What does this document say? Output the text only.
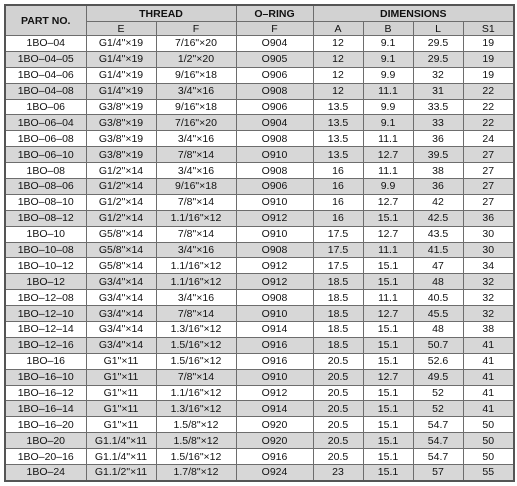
PART NO.	THREAD		O–RING	DIMENSIONS			
	E	F	F	A	B	L	S1
1BO–04	G1/4"×19	7/16"×20	O904	12	9.1	29.5	19
1BO–04–05	G1/4"×19	1/2"×20	O905	12	9.1	29.5	19
1BO–04–06	G1/4"×19	9/16"×18	O906	12	9.9	32	19
1BO–04–08	G1/4"×19	3/4"×16	O908	12	11.1	31	22
1BO–06	G3/8"×19	9/16"×18	O906	13.5	9.9	33.5	22
1BO–06–04	G3/8"×19	7/16"×20	O904	13.5	9.1	33	22
1BO–06–08	G3/8"×19	3/4"×16	O908	13.5	11.1	36	24
1BO–06–10	G3/8"×19	7/8"×14	O910	13.5	12.7	39.5	27
1BO–08	G1/2"×14	3/4"×16	O908	16	11.1	38	27
1BO–08–06	G1/2"×14	9/16"×18	O906	16	9.9	36	27
1BO–08–10	G1/2"×14	7/8"×14	O910	16	12.7	42	27
1BO–08–12	G1/2"×14	1.1/16"×12	O912	16	15.1	42.5	36
1BO–10	G5/8"×14	7/8"×14	O910	17.5	12.7	43.5	30
1BO–10–08	G5/8"×14	3/4"×16	O908	17.5	11.1	41.5	30
1BO–10–12	G5/8"×14	1.1/16"×12	O912	17.5	15.1	47	34
1BO–12	G3/4"×14	1.1/16"×12	O912	18.5	15.1	48	32
1BO–12–08	G3/4"×14	3/4"×16	O908	18.5	11.1	40.5	32
1BO–12–10	G3/4"×14	7/8"×14	O910	18.5	12.7	45.5	32
1BO–12–14	G3/4"×14	1.3/16"×12	O914	18.5	15.1	48	38
1BO–12–16	G3/4"×14	1.5/16"×12	O916	18.5	15.1	50.7	41
1BO–16	G1"×11	1.5/16"×12	O916	20.5	15.1	52.6	41
1BO–16–10	G1"×11	7/8"×14	O910	20.5	12.7	49.5	41
1BO–16–12	G1"×11	1.1/16"×12	O912	20.5	15.1	52	41
1BO–16–14	G1"×11	1.3/16"×12	O914	20.5	15.1	52	41
1BO–16–20	G1"×11	1.5/8"×12	O920	20.5	15.1	54.7	50
1BO–20	G1.1/4"×11	1.5/8"×12	O920	20.5	15.1	54.7	50
1BO–20–16	G1.1/4"×11	1.5/16"×12	O916	20.5	15.1	54.7	50
1BO–24	G1.1/2"×11	1.7/8"×12	O924	23	15.1	57	55
